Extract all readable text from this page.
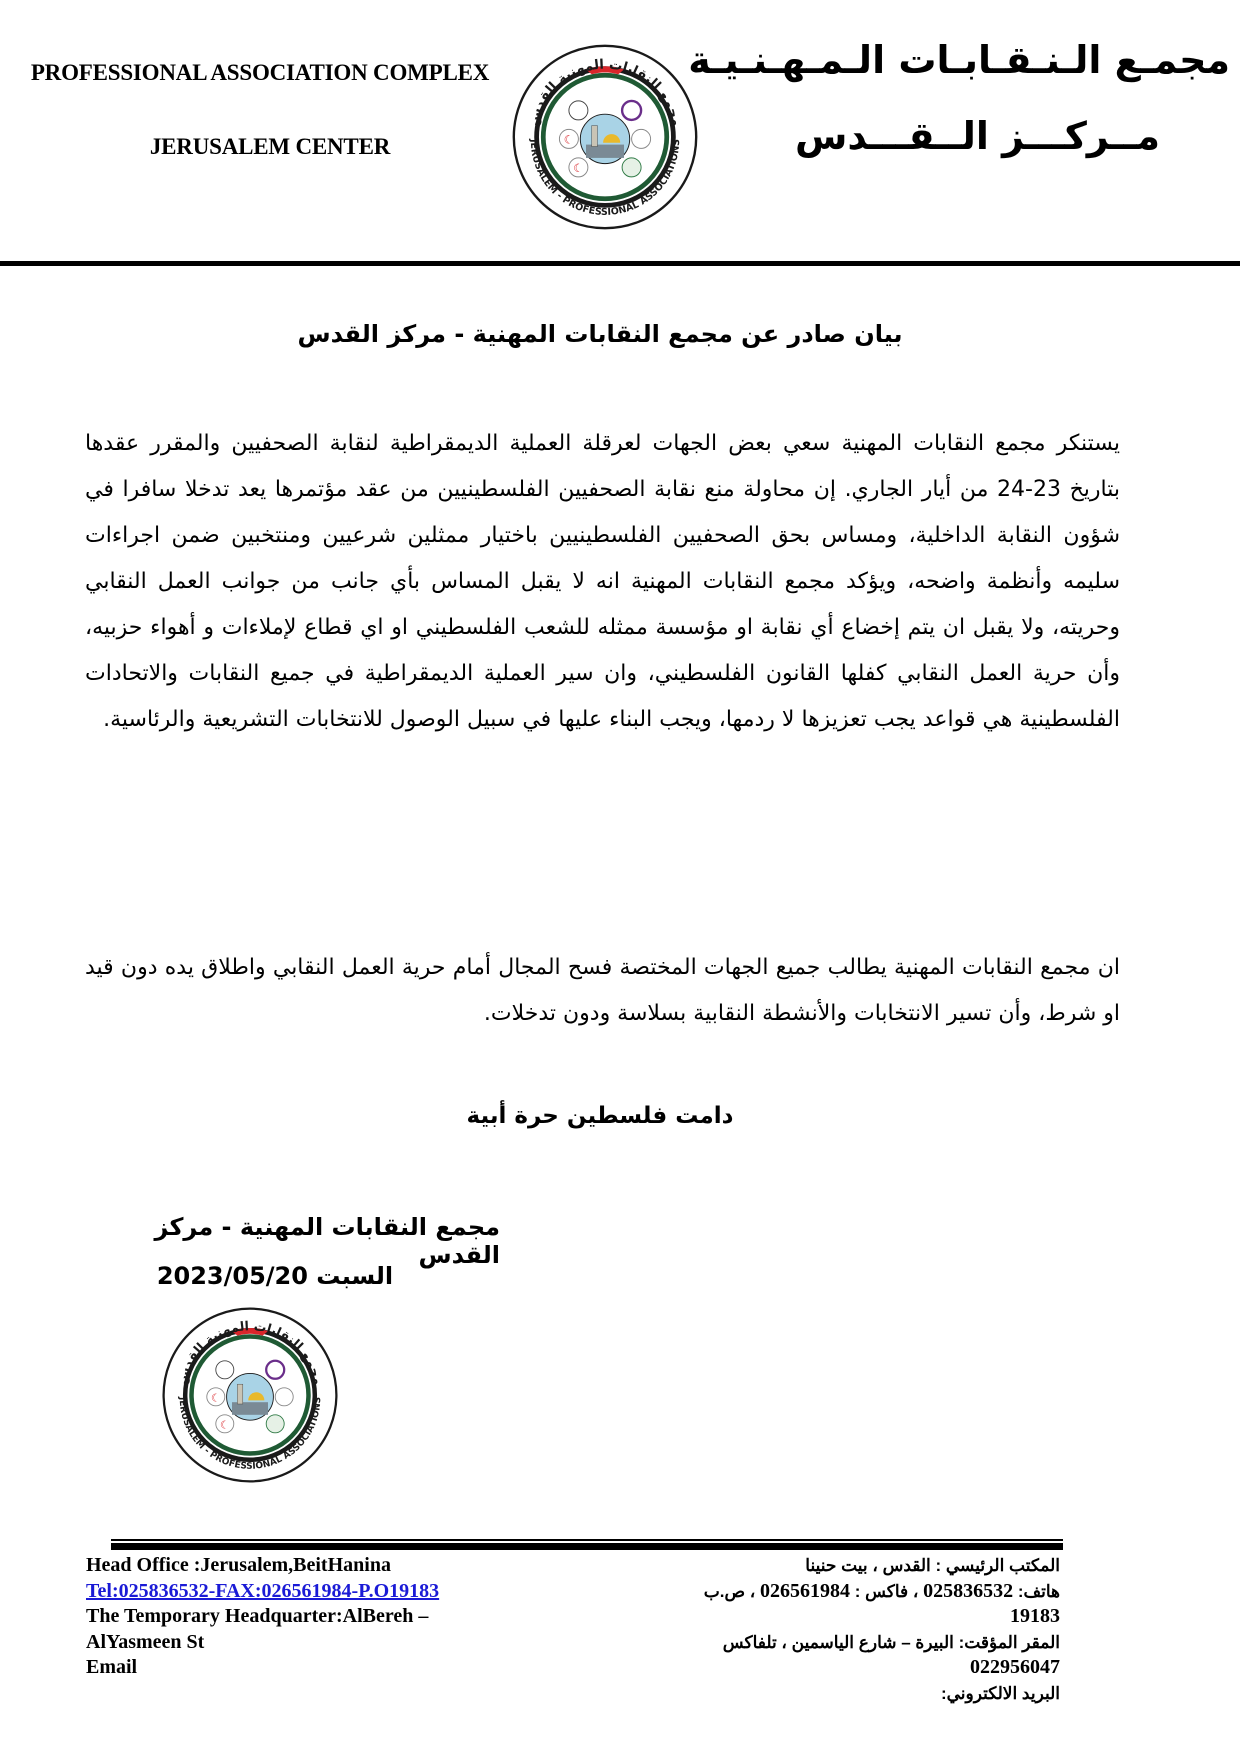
PROFESSIONAL ASSOCIATION COMPLEX
JERUSALEM CENTER
مجمع النقابات المهنية القدس
JERUSALEM - PROFESSIONAL ASSOCIATIONS
☾
☾
مجمـع الـنـقـابـات الـمـهـنـيـة
مــركـــز الــقـــدس
بيان صادر عن مجمع النقابات المهنية - مركز القدس
يستنكر مجمع النقابات المهنية سعي بعض الجهات لعرقلة العملية الديمقراطية لنقابة الصحفيين والمقرر عقدها بتاريخ 23-24 من أيار الجاري. إن محاولة منع نقابة الصحفيين الفلسطينيين من عقد مؤتمرها يعد تدخلا سافرا في شؤون النقابة الداخلية، ومساس بحق الصحفيين الفلسطينيين باختيار ممثلين شرعيين ومنتخبين ضمن اجراءات سليمه وأنظمة واضحه، ويؤكد مجمع النقابات المهنية انه لا يقبل المساس بأي جانب من جوانب العمل النقابي وحريته، ولا يقبل ان يتم إخضاع أي نقابة او مؤسسة ممثله للشعب الفلسطيني او اي قطاع لإملاءات و أهواء حزبيه، وأن حرية العمل النقابي كفلها القانون الفلسطيني، وان سير العملية الديمقراطية في جميع النقابات والاتحادات الفلسطينية هي قواعد يجب تعزيزها لا ردمها، ويجب البناء عليها في سبيل الوصول للانتخابات التشريعية والرئاسية.
ان مجمع النقابات المهنية يطالب جميع الجهات المختصة فسح المجال أمام حرية العمل النقابي واطلاق يده دون قيد او شرط، وأن تسير الانتخابات والأنشطة النقابية بسلاسة ودون تدخلات.
دامت فلسطين حرة أبية
مجمع النقابات المهنية - مركز القدس
السبت 2023/05/20
مجمع النقابات المهنية القدس
JERUSALEM - PROFESSIONAL ASSOCIATIONS
☾
☾
Head Office :Jerusalem,BeitHanina
Tel:025836532-FAX:026561984-P.O19183
The Temporary Headquarter:AlBereh –
AlYasmeen St
Email
المكتب الرئيسي : القدس ، بيت حنينا
هاتف: 025836532 ، فاكس : 026561984 ، ص.ب
19183
المقر المؤقت: البيرة – شارع الياسمين ، تلفاكس
022956047
البريد الالكتروني:
